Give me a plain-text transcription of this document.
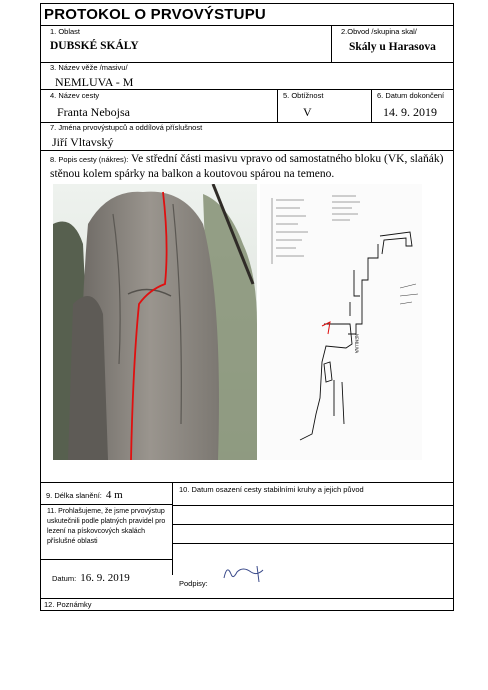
PROTOKOL O PRVOVÝSTUPU
1. Oblast
DUBSKÉ SKÁLY
2.Obvod /skupina skal/
Skály u Harasova
3. Název věže /masivu/
NEMLUVA - M
4. Název cesty
Franta Nebojsa
5. Obtížnost
V
6. Datum dokončení
14. 9. 2019
7. Jména prvovýstupců a oddílová příslušnost
Jiří Vltavský
8. Popis cesty (nákres): Ve střední části masivu vpravo od samostatného bloku (VK, slaňák) stěnou kolem spárky na balkon a koutovou spárou na temeno.
NEMLUVA
9. Délka slanění: 4 m	10. Datum osazení cesty stabilními kruhy a jejich původ
11. Prohlašujeme, že jsme prvovýstup uskutečnili podle platných pravidel pro lezení na pískovcových skalách příslušné oblasti
Datum: 16. 9. 2019	Podpisy:
12. Poznámky
